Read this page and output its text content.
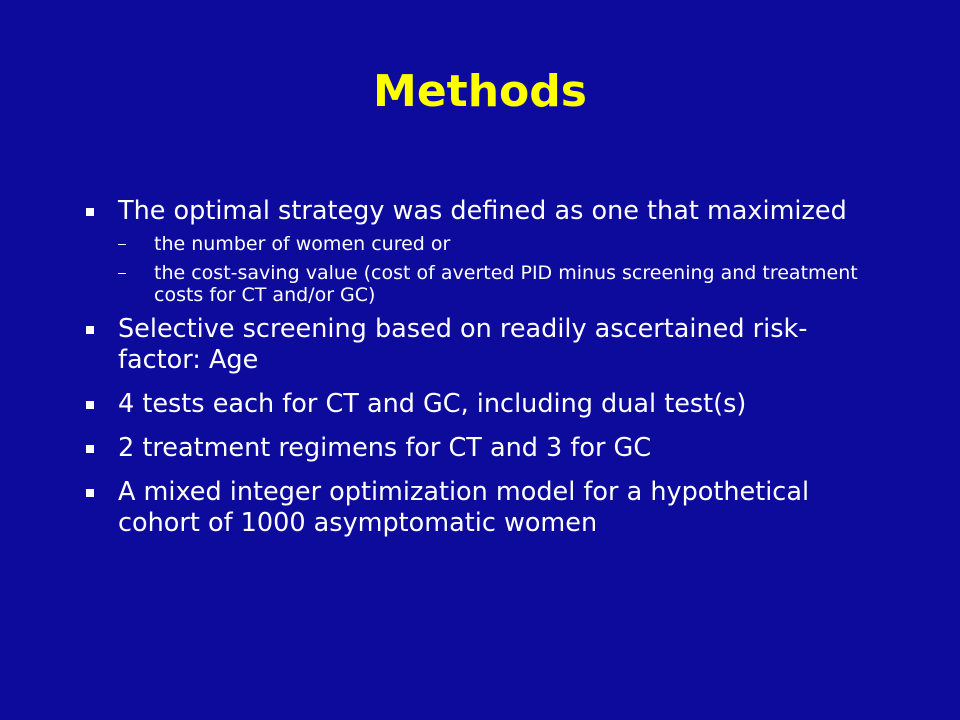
Methods
The optimal strategy was defined as one that maximized
the number of women cured or
the cost-saving value (cost of averted PID minus screening and treatment costs for CT and/or GC)
Selective screening based on readily ascertained risk-factor: Age
4 tests each for CT and GC, including dual test(s)
2 treatment regimens for CT and 3 for GC
A mixed integer optimization model for a hypothetical cohort of 1000 asymptomatic women
